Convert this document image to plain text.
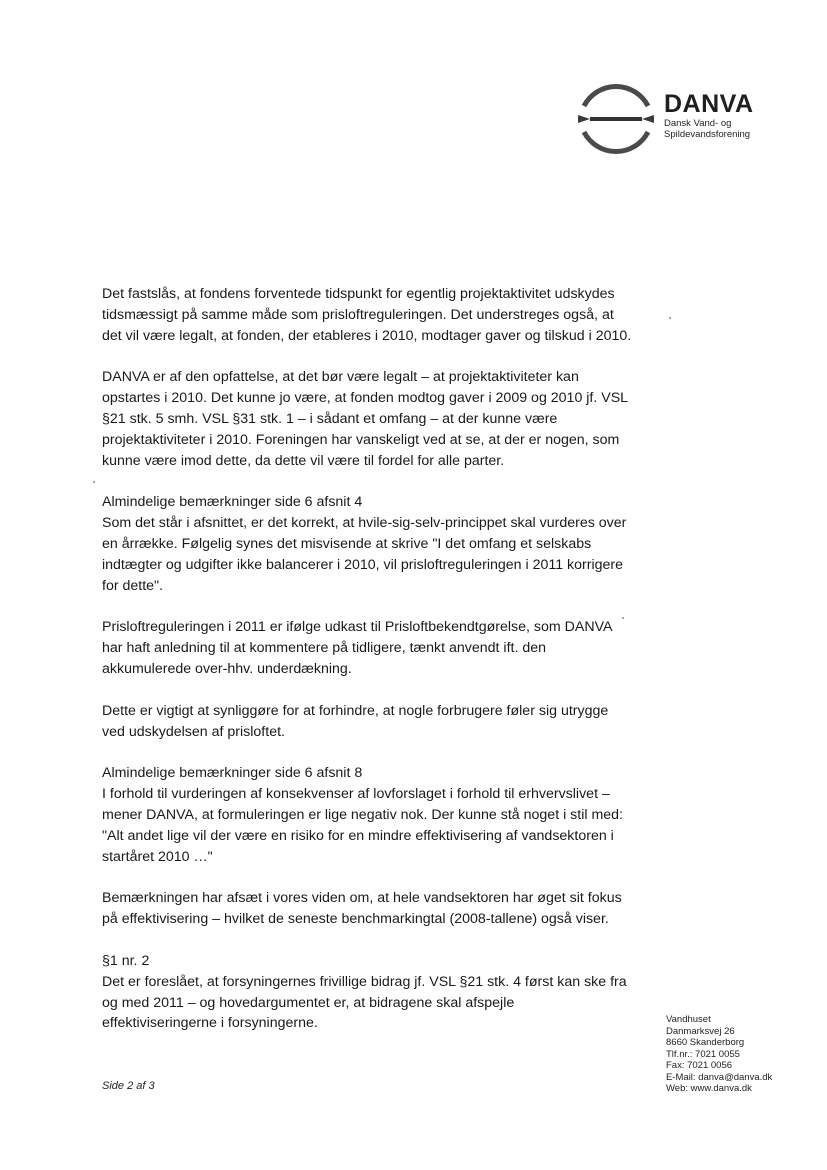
DANVA
Dansk Vand- og
Spildevandsforening

Det fastslås, at fondens forventede tidspunkt for egentlig projektaktivitet udskydes tidsmæssigt på samme måde som prisloftreguleringen. Det understreges også, at det vil være legalt, at fonden, der etableres i 2010, modtager gaver og tilskud i 2010.

DANVA er af den opfattelse, at det bør være legalt – at projektaktiviteter kan opstartes i 2010. Det kunne jo være, at fonden modtog gaver i 2009 og 2010 jf. VSL §21 stk. 5 smh. VSL §31 stk. 1 – i sådant et omfang – at der kunne være projektaktiviteter i 2010. Foreningen har vanskeligt ved at se, at der er nogen, som kunne være imod dette, da dette vil være til fordel for alle parter.

Almindelige bemærkninger side 6 afsnit 4
Som det står i afsnittet, er det korrekt, at hvile-sig-selv-princippet skal vurderes over en årrække. Følgelig synes det misvisende at skrive "I det omfang et selskabs indtægter og udgifter ikke balancerer i 2010, vil prisloftreguleringen i 2011 korrigere for dette".

Prisloftreguleringen i 2011 er ifølge udkast til Prisloftbekendtgørelse, som DANVA har haft anledning til at kommentere på tidligere, tænkt anvendt ift. den akkumulerede over-hhv. underdækning.

Dette er vigtigt at synliggøre for at forhindre, at nogle forbrugere føler sig utrygge ved udskydelsen af prisloftet.

Almindelige bemærkninger side 6 afsnit 8
I forhold til vurderingen af konsekvenser af lovforslaget i forhold til erhvervslivet – mener DANVA, at formuleringen er lige negativ nok. Der kunne stå noget i stil med: "Alt andet lige vil der være en risiko for en mindre effektivisering af vandsektoren i startåret 2010 …"

Bemærkningen har afsæt i vores viden om, at hele vandsektoren har øget sit fokus på effektivisering – hvilket de seneste benchmarkingtal (2008-tallene) også viser.

§1 nr. 2
Det er foreslået, at forsyningernes frivillige bidrag jf. VSL §21 stk. 4 først kan ske fra og med 2011 – og hovedargumentet er, at bidragene skal afspejle effektiviseringerne i forsyningerne.	Vandhuset
Danmarksvej 26
8660 Skanderborg
Tlf.nr.: 7021 0055
Fax: 7021 0056
E-Mail: danva@danva.dk
Web: www.danva.dk
Side 2 af 3
